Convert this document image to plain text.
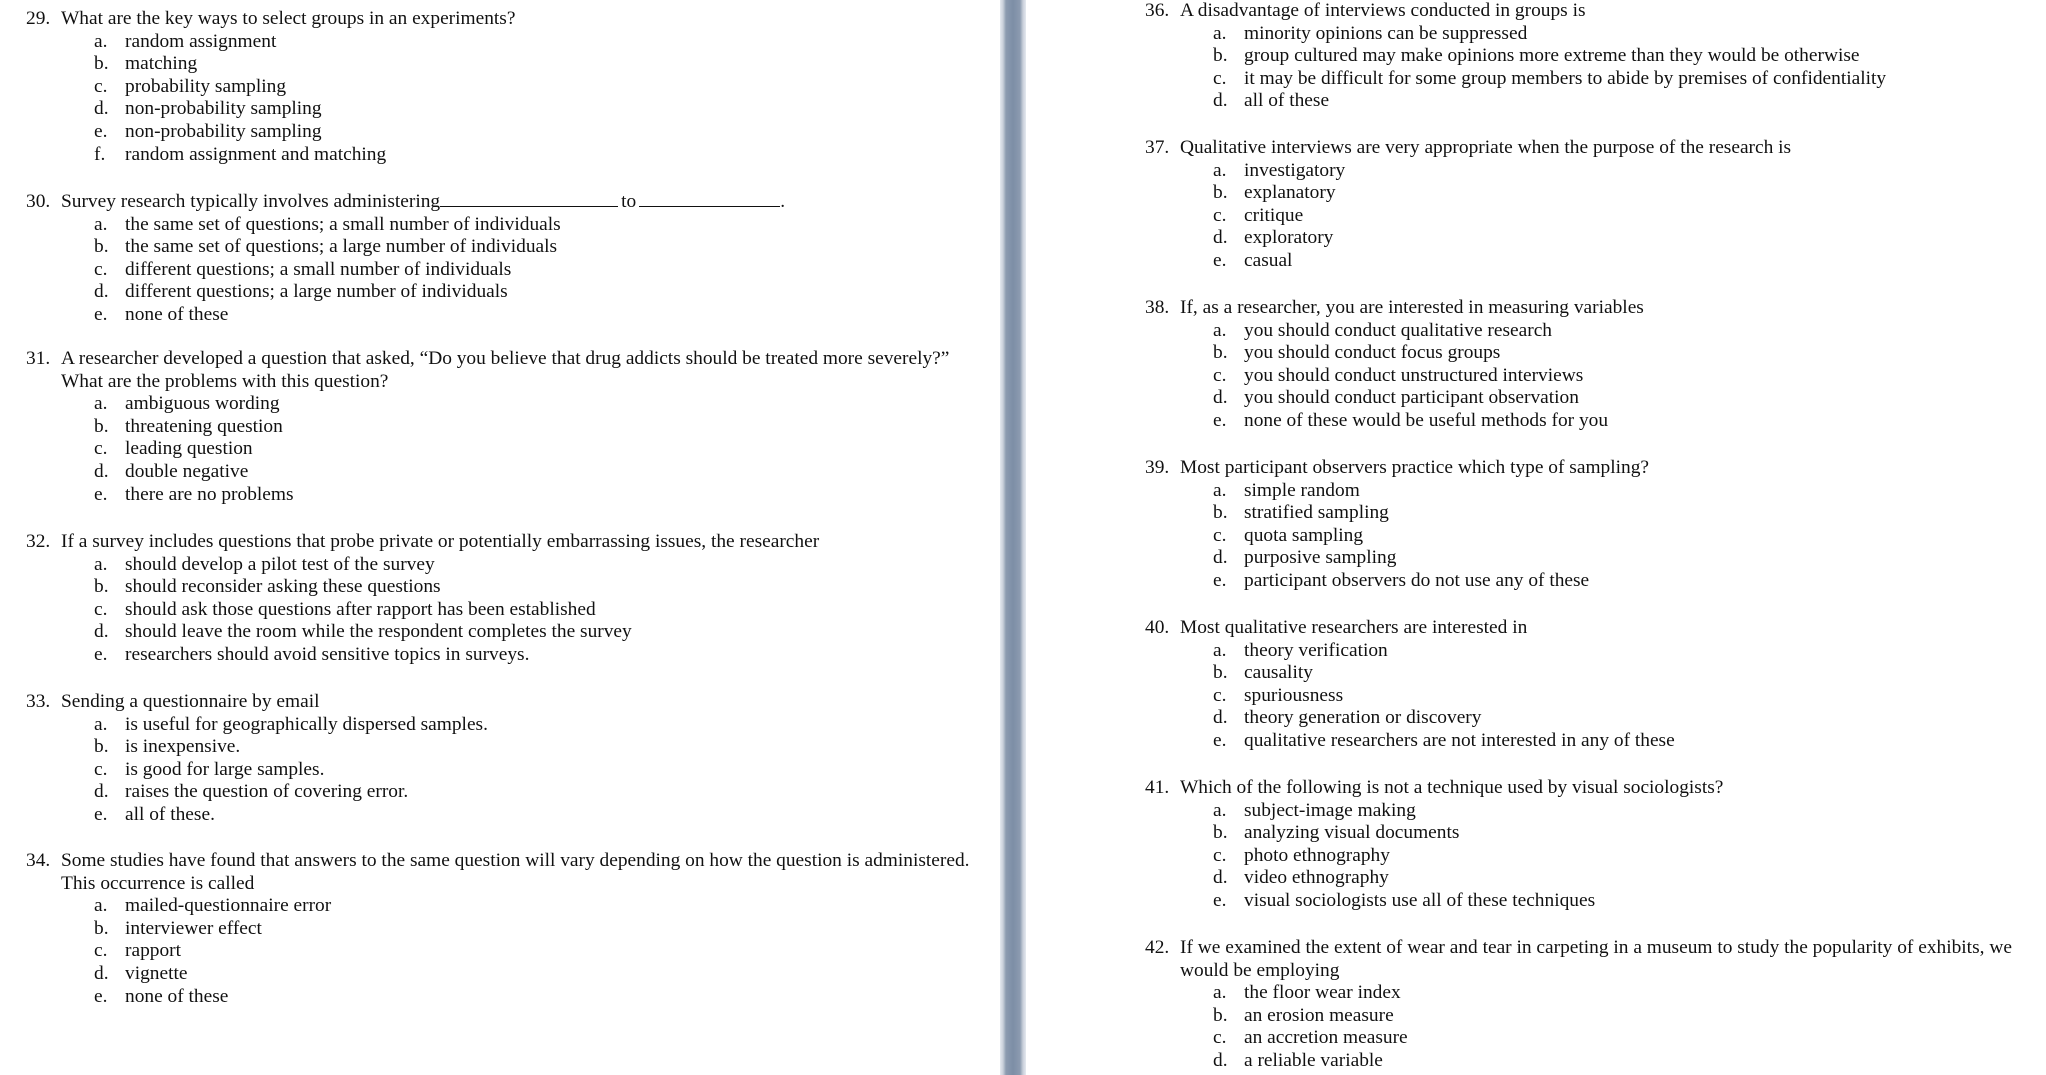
29. What are the key ways to select groups in an experiments?
a. random assignment
b. matching
c. probability sampling
d. non-probability sampling
e. non-probability sampling
f.	random assignment and matching
30. Survey research typically involves administering	to	.
a. the same set of questions; a small number of individuals
b. the same set of questions; a large number of individuals
c. different questions; a small number of individuals
d. different questions; a large number of individuals
e. none of these
31. A researcher developed a question that asked, “Do you believe that drug addicts should be treated more severely?” What are the problems with this question?
a. ambiguous wording
b. threatening question
c. leading question
d. double negative
e. there are no problems
32. If a survey includes questions that probe private or potentially embarrassing issues, the researcher
a. should develop a pilot test of the survey
b. should reconsider asking these questions
c. should ask those questions after rapport has been established
d. should leave the room while the respondent completes the survey
e. researchers should avoid sensitive topics in surveys.
33. Sending a questionnaire by email
a. is useful for geographically dispersed samples.
b. is inexpensive.
c. is good for large samples.
d. raises the question of covering error.
e. all of these.
34. Some studies have found that answers to the same question will vary depending on how the question is administered. This occurrence is called
a. mailed-questionnaire error
b. interviewer effect
c. rapport
d. vignette
e. none of these
36. A disadvantage of interviews conducted in groups is
a. minority opinions can be suppressed
b. group cultured may make opinions more extreme than they would be otherwise
c. it may be difficult for some group members to abide by premises of confidentiality
d. all of these
37. Qualitative interviews are very appropriate when the purpose of the research is
a. investigatory
b. explanatory
c. critique
d. exploratory
e. casual
38. If, as a researcher, you are interested in measuring variables
a. you should conduct qualitative research
b. you should conduct focus groups
c. you should conduct unstructured interviews
d. you should conduct participant observation
e. none of these would be useful methods for you
39. Most participant observers practice which type of sampling?
a. simple random
b. stratified sampling
c. quota sampling
d. purposive sampling
e. participant observers do not use any of these
40. Most qualitative researchers are interested in
a. theory verification
b. causality
c. spuriousness
d. theory generation or discovery
e. qualitative researchers are not interested in any of these
41. Which of the following is not a technique used by visual sociologists?
a. subject-image making
b. analyzing visual documents
c. photo ethnography
d. video ethnography
e. visual sociologists use all of these techniques
42. If we examined the extent of wear and tear in carpeting in a museum to study the popularity of exhibits, we would be employing
a. the floor wear index
b. an erosion measure
c. an accretion measure
d. a reliable variable
